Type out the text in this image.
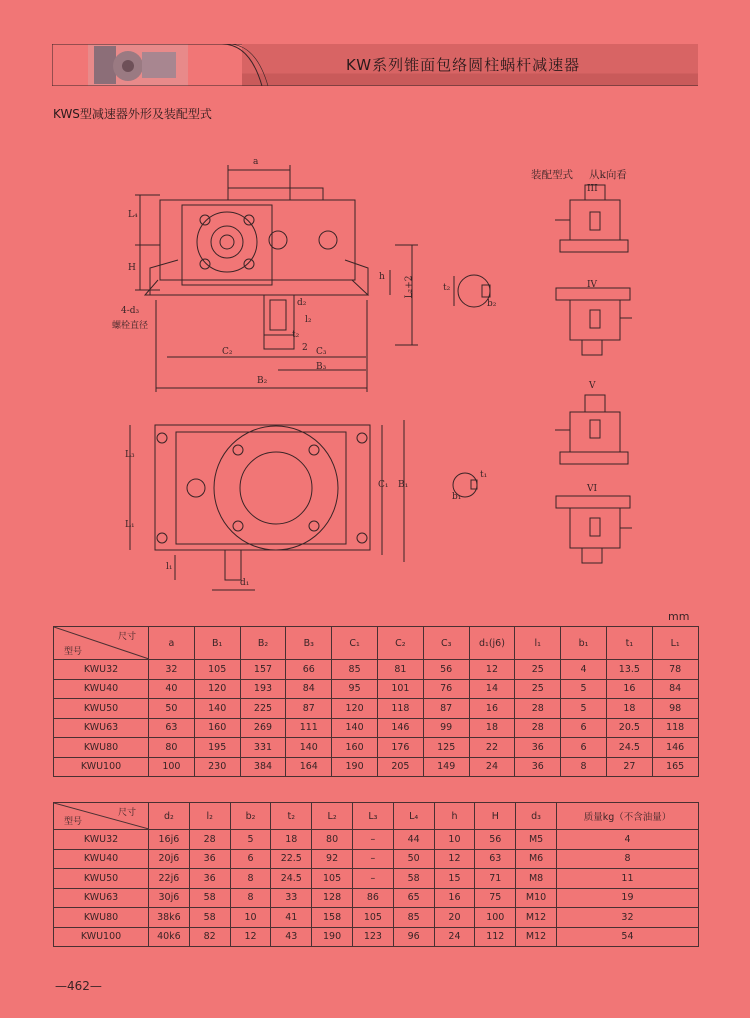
KW系列锥面包络圆柱蜗杆减速器
KWS型减速器外形及装配型式
a
L₄
H
4-d₃
螺栓直径
d₂
l₂
t₂
h L₂+2
2
C₂	C₃
B₃
B₂
t₂
b₂
t₁
b₁
L₃
L₁
C₁ B₁
l₁
d₁
装配型式 从k向看
III
IV
V
VI
mm
尺寸
型号	a	B₁	B₂	B₃	C₁	C₂	C₃	d₁(j6)	l₁	b₁	t₁	L₁
KWU32	32	105	157	66	85	81	56	12	25	4	13.5	78
KWU40	40	120	193	84	95	101	76	14	25	5	16	84
KWU50	50	140	225	87	120	118	87	16	28	5	18	98
KWU63	63	160	269	111	140	146	99	18	28	6	20.5	118
KWU80	80	195	331	140	160	176	125	22	36	6	24.5	146
KWU100	100	230	384	164	190	205	149	24	36	8	27	165
尺寸
型号	d₂	l₂	b₂	t₂	L₂	L₃	L₄	h	H	d₃	质量kg（不含油量）
KWU32	16j6	28	5	18	80	–	44	10	56	M5	4
KWU40	20j6	36	6	22.5	92	–	50	12	63	M6	8
KWU50	22j6	36	8	24.5	105	–	58	15	71	M8	11
KWU63	30j6	58	8	33	128	86	65	16	75	M10	19
KWU80	38k6	58	10	41	158	105	85	20	100	M12	32
KWU100	40k6	82	12	43	190	123	96	24	112	M12	54
—462—
